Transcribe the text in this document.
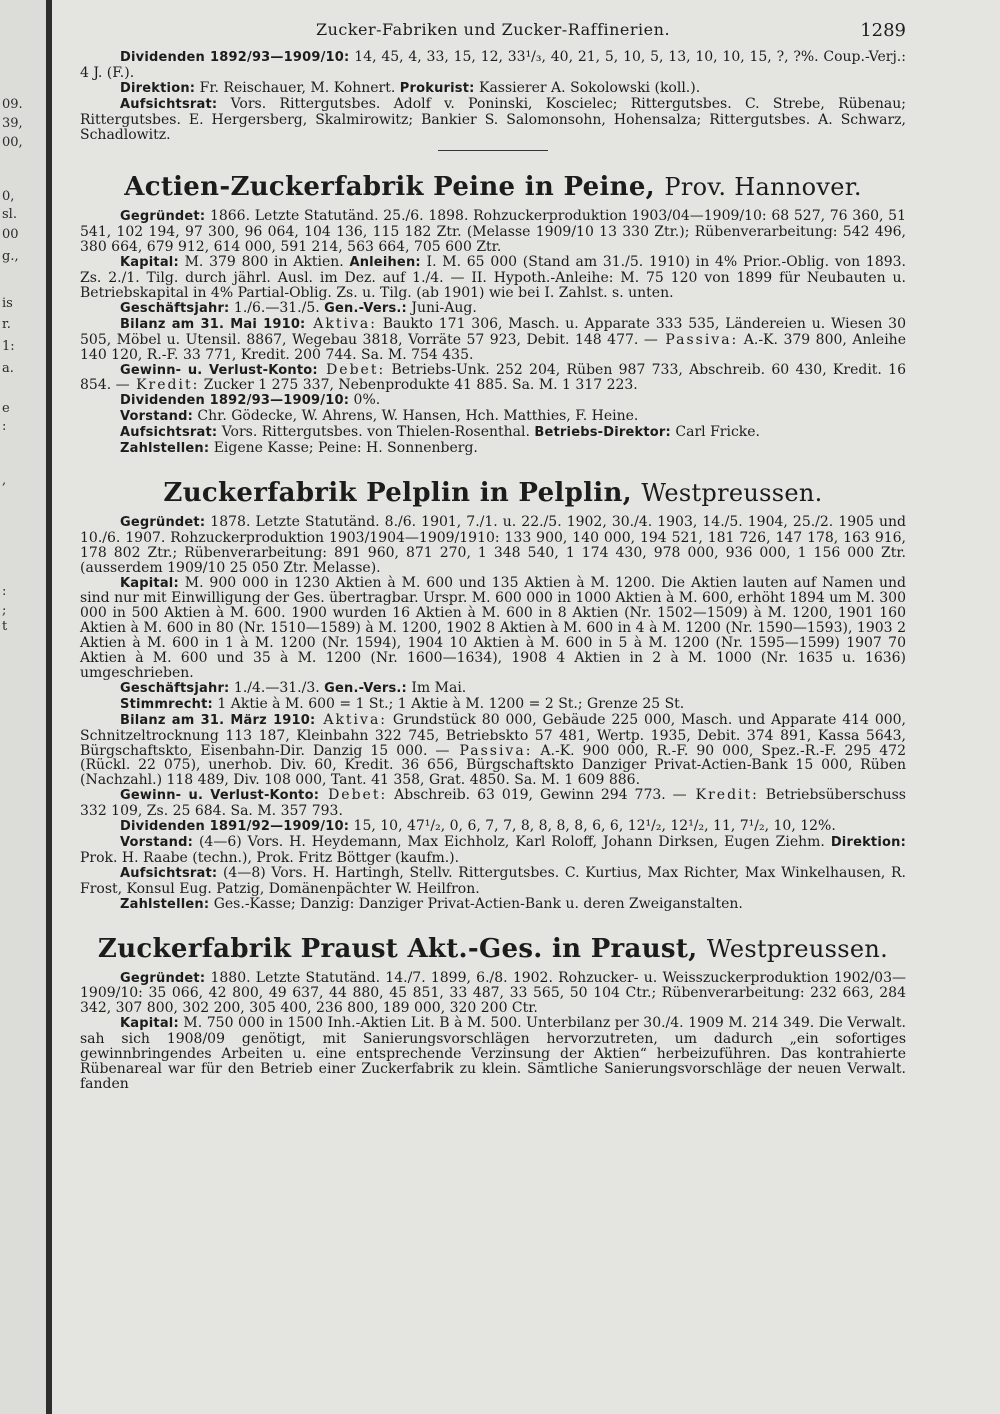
09.
39,
00,
0,
sl.
00
g.,
is
r.
1:
a.
e
:
,
:
;
t
Zucker-Fabriken und Zucker-Raffinerien.	1289

Dividenden 1892/93—1909/10: 14, 45, 4, 33, 15, 12, 33¹/₃, 40, 21, 5, 10, 5, 13, 10, 10, 15, ?, ?%. Coup.-Verj.: 4 J. (F.).

Direktion: Fr. Reischauer, M. Kohnert. Prokurist: Kassierer A. Sokolowski (koll.).

Aufsichtsrat: Vors. Rittergutsbes. Adolf v. Poninski, Koscielec; Rittergutsbes. C. Strebe, Rübenau; Rittergutsbes. E. Hergersberg, Skalmirowitz; Bankier S. Salomonsohn, Hohensalza; Rittergutsbes. A. Schwarz, Schadlowitz.

Actien-Zuckerfabrik Peine in Peine, Prov. Hannover.

Gegründet: 1866. Letzte Statutänd. 25./6. 1898. Rohzuckerproduktion 1903/04—1909/10: 68 527, 76 360, 51 541, 102 194, 97 300, 96 064, 104 136, 115 182 Ztr. (Melasse 1909/10 13 330 Ztr.); Rübenverarbeitung: 542 496, 380 664, 679 912, 614 000, 591 214, 563 664, 705 600 Ztr.

Kapital: M. 379 800 in Aktien. Anleihen: I. M. 65 000 (Stand am 31./5. 1910) in 4% Prior.-Oblig. von 1893. Zs. 2./1. Tilg. durch jährl. Ausl. im Dez. auf 1./4. — II. Hypoth.-Anleihe: M. 75 120 von 1899 für Neubauten u. Betriebskapital in 4% Partial-Oblig. Zs. u. Tilg. (ab 1901) wie bei I. Zahlst. s. unten.

Geschäftsjahr: 1./6.—31./5. Gen.-Vers.: Juni-Aug.

Bilanz am 31. Mai 1910: Aktiva: Baukto 171 306, Masch. u. Apparate 333 535, Ländereien u. Wiesen 30 505, Möbel u. Utensil. 8867, Wegebau 3818, Vorräte 57 923, Debit. 148 477. — Passiva: A.-K. 379 800, Anleihe 140 120, R.-F. 33 771, Kredit. 200 744. Sa. M. 754 435.

Gewinn- u. Verlust-Konto: Debet: Betriebs-Unk. 252 204, Rüben 987 733, Abschreib. 60 430, Kredit. 16 854. — Kredit: Zucker 1 275 337, Nebenprodukte 41 885. Sa. M. 1 317 223.

Dividenden 1892/93—1909/10: 0%.

Vorstand: Chr. Gödecke, W. Ahrens, W. Hansen, Hch. Matthies, F. Heine.

Aufsichtsrat: Vors. Rittergutsbes. von Thielen-Rosenthal. Betriebs-Direktor: Carl Fricke.

Zahlstellen: Eigene Kasse; Peine: H. Sonnenberg.

Zuckerfabrik Pelplin in Pelplin, Westpreussen.

Gegründet: 1878. Letzte Statutänd. 8./6. 1901, 7./1. u. 22./5. 1902, 30./4. 1903, 14./5. 1904, 25./2. 1905 und 10./6. 1907. Rohzuckerproduktion 1903/1904—1909/1910: 133 900, 140 000, 194 521, 181 726, 147 178, 163 916, 178 802 Ztr.; Rübenverarbeitung: 891 960, 871 270, 1 348 540, 1 174 430, 978 000, 936 000, 1 156 000 Ztr. (ausserdem 1909/10 25 050 Ztr. Melasse).

Kapital: M. 900 000 in 1230 Aktien à M. 600 und 135 Aktien à M. 1200. Die Aktien lauten auf Namen und sind nur mit Einwilligung der Ges. übertragbar. Urspr. M. 600 000 in 1000 Aktien à M. 600, erhöht 1894 um M. 300 000 in 500 Aktien à M. 600. 1900 wurden 16 Aktien à M. 600 in 8 Aktien (Nr. 1502—1509) à M. 1200, 1901 160 Aktien à M. 600 in 80 (Nr. 1510—1589) à M. 1200, 1902 8 Aktien à M. 600 in 4 à M. 1200 (Nr. 1590—1593), 1903 2 Aktien à M. 600 in 1 à M. 1200 (Nr. 1594), 1904 10 Aktien à M. 600 in 5 à M. 1200 (Nr. 1595—1599) 1907 70 Aktien à M. 600 und 35 à M. 1200 (Nr. 1600—1634), 1908 4 Aktien in 2 à M. 1000 (Nr. 1635 u. 1636) umgeschrieben.

Geschäftsjahr: 1./4.—31./3. Gen.-Vers.: Im Mai.

Stimmrecht: 1 Aktie à M. 600 = 1 St.; 1 Aktie à M. 1200 = 2 St.; Grenze 25 St.

Bilanz am 31. März 1910: Aktiva: Grundstück 80 000, Gebäude 225 000, Masch. und Apparate 414 000, Schnitzeltrocknung 113 187, Kleinbahn 322 745, Betriebskto 57 481, Wertp. 1935, Debit. 374 891, Kassa 5643, Bürgschaftskto, Eisenbahn-Dir. Danzig 15 000. — Passiva: A.-K. 900 000, R.-F. 90 000, Spez.-R.-F. 295 472 (Rückl. 22 075), unerhob. Div. 60, Kredit. 36 656, Bürgschaftskto Danziger Privat-Actien-Bank 15 000, Rüben (Nachzahl.) 118 489, Div. 108 000, Tant. 41 358, Grat. 4850. Sa. M. 1 609 886.

Gewinn- u. Verlust-Konto: Debet: Abschreib. 63 019, Gewinn 294 773. — Kredit: Betriebsüberschuss 332 109, Zs. 25 684. Sa. M. 357 793.

Dividenden 1891/92—1909/10: 15, 10, 47¹/₂, 0, 6, 7, 7, 8, 8, 8, 8, 6, 6, 12¹/₂, 12¹/₂, 11, 7¹/₂, 10, 12%.

Vorstand: (4—6) Vors. H. Heydemann, Max Eichholz, Karl Roloff, Johann Dirksen, Eugen Ziehm. Direktion: Prok. H. Raabe (techn.), Prok. Fritz Böttger (kaufm.).

Aufsichtsrat: (4—8) Vors. H. Hartingh, Stellv. Rittergutsbes. C. Kurtius, Max Richter, Max Winkelhausen, R. Frost, Konsul Eug. Patzig, Domänenpächter W. Heilfron.

Zahlstellen: Ges.-Kasse; Danzig: Danziger Privat-Actien-Bank u. deren Zweiganstalten.

Zuckerfabrik Praust Akt.-Ges. in Praust, Westpreussen.

Gegründet: 1880. Letzte Statutänd. 14./7. 1899, 6./8. 1902. Rohzucker- u. Weisszuckerproduktion 1902/03—1909/10: 35 066, 42 800, 49 637, 44 880, 45 851, 33 487, 33 565, 50 104 Ctr.; Rübenverarbeitung: 232 663, 284 342, 307 800, 302 200, 305 400, 236 800, 189 000, 320 200 Ctr.

Kapital: M. 750 000 in 1500 Inh.-Aktien Lit. B à M. 500. Unterbilanz per 30./4. 1909 M. 214 349. Die Verwalt. sah sich 1908/09 genötigt, mit Sanierungsvorschlägen hervorzutreten, um dadurch „ein sofortiges gewinnbringendes Arbeiten u. eine entsprechende Verzinsung der Aktien“ herbeizuführen. Das kontrahierte Rübenareal war für den Betrieb einer Zuckerfabrik zu klein. Sämtliche Sanierungsvorschläge der neuen Verwalt. fanden
